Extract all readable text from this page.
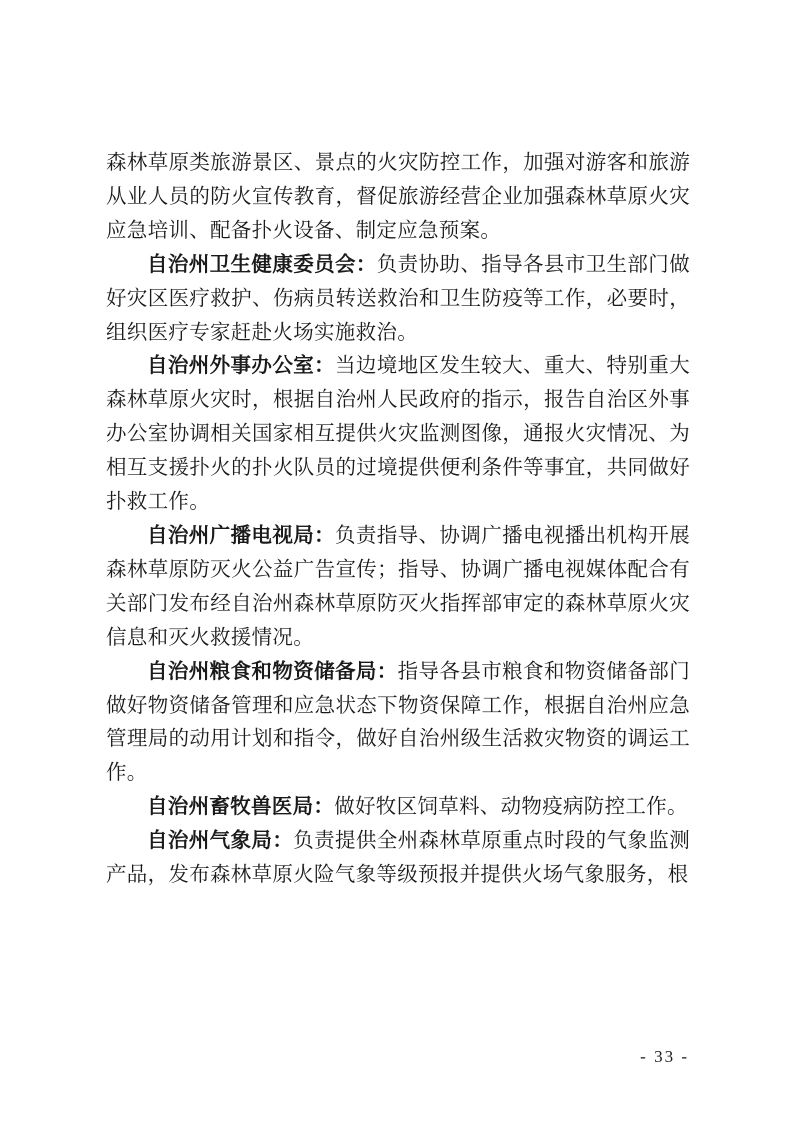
森林草原类旅游景区、景点的火灾防控工作，加强对游客和旅游从业人员的防火宣传教育，督促旅游经营企业加强森林草原火灾应急培训、配备扑火设备、制定应急预案。

自治州卫生健康委员会：负责协助、指导各县市卫生部门做好灾区医疗救护、伤病员转送救治和卫生防疫等工作，必要时，组织医疗专家赶赴火场实施救治。

自治州外事办公室：当边境地区发生较大、重大、特别重大森林草原火灾时，根据自治州人民政府的指示，报告自治区外事办公室协调相关国家相互提供火灾监测图像，通报火灾情况、为相互支援扑火的扑火队员的过境提供便利条件等事宜，共同做好扑救工作。

自治州广播电视局：负责指导、协调广播电视播出机构开展森林草原防灭火公益广告宣传；指导、协调广播电视媒体配合有关部门发布经自治州森林草原防灭火指挥部审定的森林草原火灾信息和灭火救援情况。

自治州粮食和物资储备局：指导各县市粮食和物资储备部门做好物资储备管理和应急状态下物资保障工作，根据自治州应急管理局的动用计划和指令，做好自治州级生活救灾物资的调运工作。

自治州畜牧兽医局：做好牧区饲草料、动物疫病防控工作。

自治州气象局：负责提供全州森林草原重点时段的气象监测产品，发布森林草原火险气象等级预报并提供火场气象服务，根

- 33 -
